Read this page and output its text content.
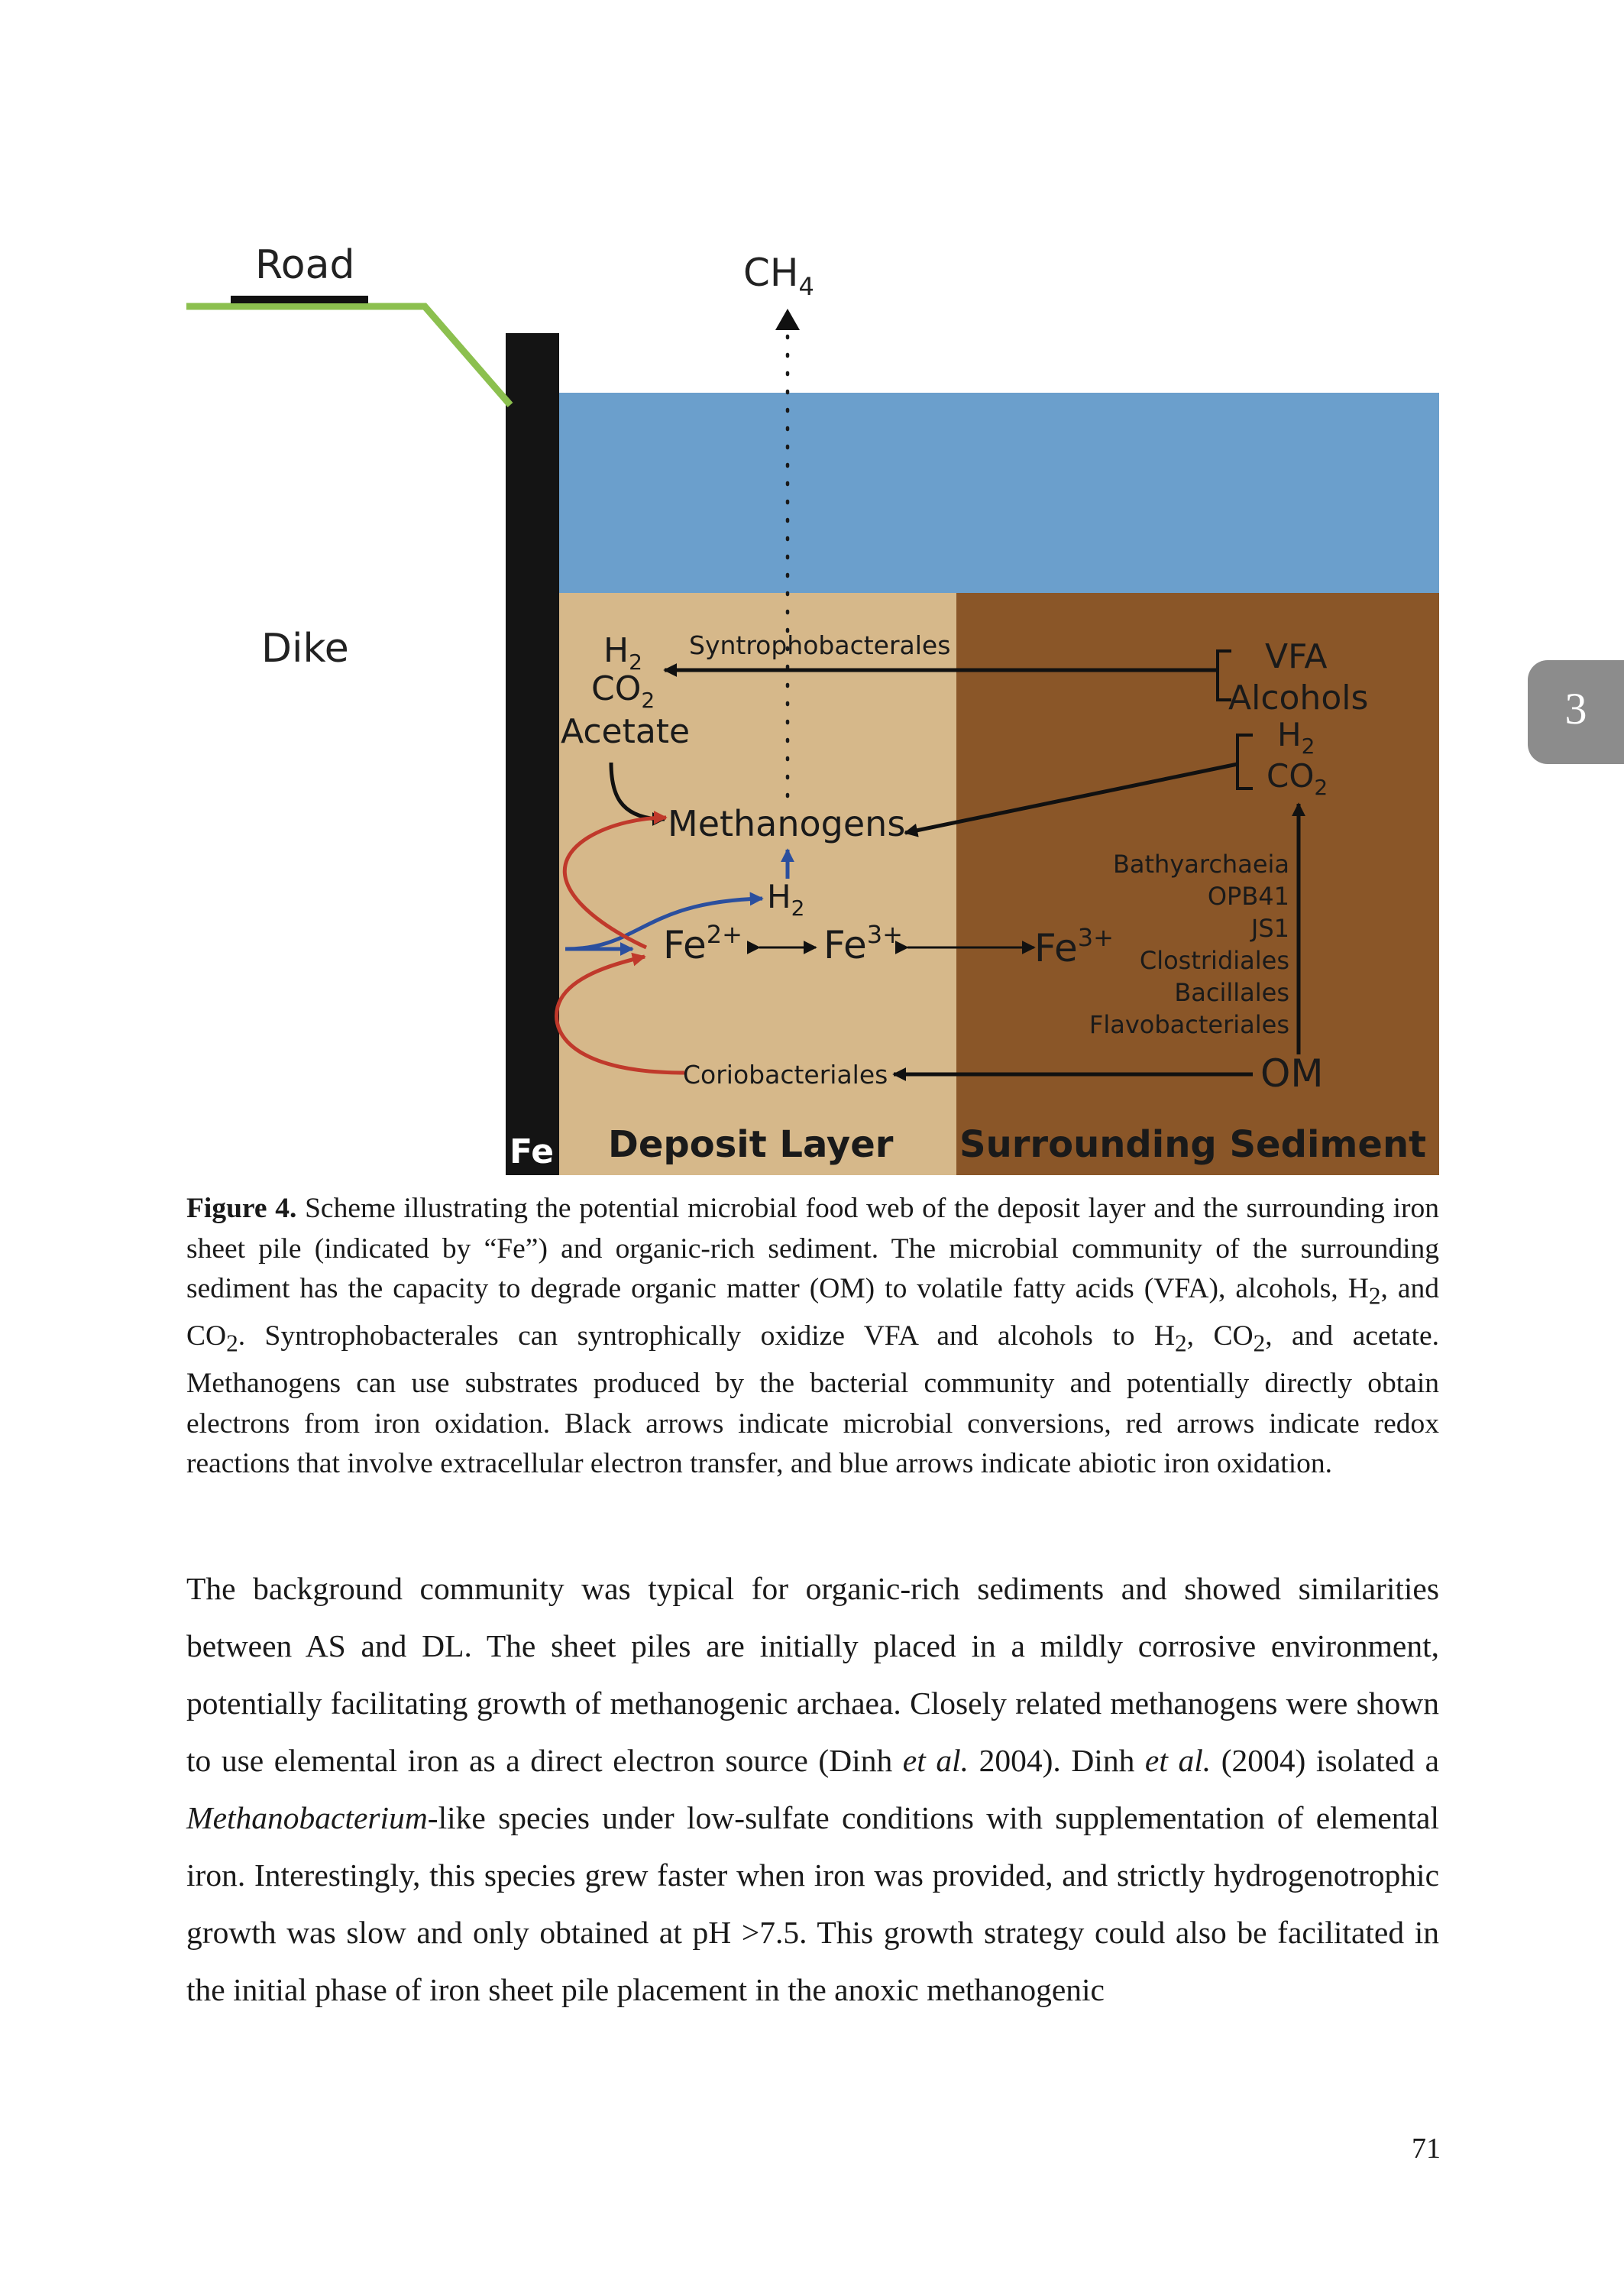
Road
Dike
$CH_4$
$H_2$
$CO_2$
Acetate
Syntrophobacterales	VFA
Alcohols
$H_2$
$CO_2$
Methanogens
$H_2$
$Fe^{2+}$ $Fe^{3+}$	$Fe^{3+}$
Bathyarchaeia
OPB41
JS1
Clostridiales
Bacillales
Flavobacteriales
OM
Coriobacteriales
Fe Deposit Layer Surrounding Sediment

Figure 4. Scheme illustrating the potential microbial food web of the deposit layer and the surrounding iron sheet pile (indicated by “Fe”) and organic-rich sediment. The microbial community of the surrounding sediment has the capacity to degrade organic matter (OM) to volatile fatty acids (VFA), alcohols, $H_2$, and $CO_2$. Syntrophobacterales can syntrophically oxidize VFA and alcohols to $H_2$, $CO_2$, and acetate. Methanogens can use substrates produced by the bacterial community and potentially directly obtain electrons from iron oxidation. Black arrows indicate microbial conversions, red arrows indicate redox reactions that involve extracellular electron transfer, and blue arrows indicate abiotic iron oxidation.

The background community was typical for organic-rich sediments and showed similarities between AS and DL. The sheet piles are initially placed in a mildly corrosive environment, potentially facilitating growth of methanogenic archaea. Closely related methanogens were shown to use elemental iron as a direct electron source (Dinh et al. 2004). Dinh et al. (2004) isolated a Methanobacterium-like species under low-sulfate conditions with supplementation of elemental iron. Interestingly, this species grew faster when iron was provided, and strictly hydrogenotrophic growth was slow and only obtained at pH >7.5. This growth strategy could also be facilitated in the initial phase of iron sheet pile placement in the anoxic methanogenic

3
71
